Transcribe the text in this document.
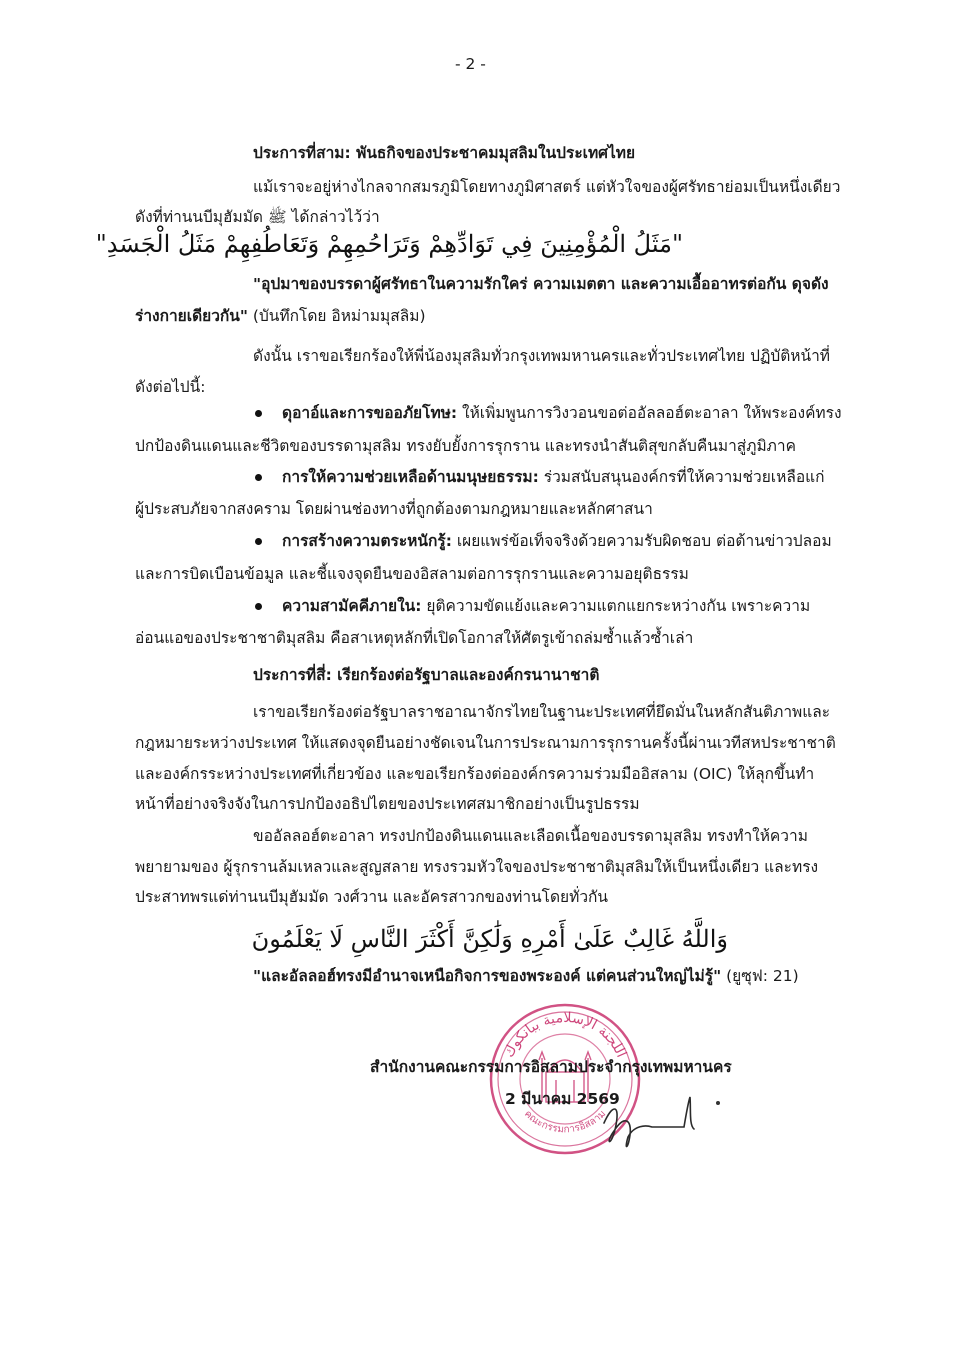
- 2 -
ประการที่สาม: พันธกิจของประชาคมมุสลิมในประเทศไทย
แม้เราจะอยู่ห่างไกลจากสมรภูมิโดยทางภูมิศาสตร์ แต่หัวใจของผู้ศรัทธาย่อมเป็นหนึ่งเดียว
ดังที่ท่านนบีมุฮัมมัด ﷺ ได้กล่าวไว้ว่า
"مَثَلُ الْمُؤْمِنِينَ فِي تَوَادِّهِمْ وَتَرَاحُمِهِمْ وَتَعَاطُفِهِمْ مَثَلُ الْجَسَدِ"
"อุปมาของบรรดาผู้ศรัทธาในความรักใคร่ ความเมตตา และความเอื้ออาทรต่อกัน ดุจดัง
ร่างกายเดียวกัน" (บันทึกโดย อิหม่ามมุสลิม)
ดังนั้น เราขอเรียกร้องให้พี่น้องมุสลิมทั่วกรุงเทพมหานครและทั่วประเทศไทย ปฏิบัติหน้าที่
ดังต่อไปนี้:
ดุอาอ์และการขออภัยโทษ: ให้เพิ่มพูนการวิงวอนขอต่ออัลลอฮ์ตะอาลา ให้พระองค์ทรง
ปกป้องดินแดนและชีวิตของบรรดามุสลิม ทรงยับยั้งการรุกราน และทรงนำสันติสุขกลับคืนมาสู่ภูมิภาค
การให้ความช่วยเหลือด้านมนุษยธรรม: ร่วมสนับสนุนองค์กรที่ให้ความช่วยเหลือแก่
ผู้ประสบภัยจากสงคราม โดยผ่านช่องทางที่ถูกต้องตามกฎหมายและหลักศาสนา
การสร้างความตระหนักรู้: เผยแพร่ข้อเท็จจริงด้วยความรับผิดชอบ ต่อต้านข่าวปลอม
และการบิดเบือนข้อมูล และชี้แจงจุดยืนของอิสลามต่อการรุกรานและความอยุติธรรม
ความสามัคคีภายใน: ยุติความขัดแย้งและความแตกแยกระหว่างกัน เพราะความ
อ่อนแอของประชาชาติมุสลิม คือสาเหตุหลักที่เปิดโอกาสให้ศัตรูเข้าถล่มซ้ำแล้วซ้ำเล่า
ประการที่สี่: เรียกร้องต่อรัฐบาลและองค์กรนานาชาติ
เราขอเรียกร้องต่อรัฐบาลราชอาณาจักรไทยในฐานะประเทศที่ยึดมั่นในหลักสันติภาพและ
กฎหมายระหว่างประเทศ ให้แสดงจุดยืนอย่างชัดเจนในการประณามการรุกรานครั้งนี้ผ่านเวทีสหประชาชาติ
และองค์กรระหว่างประเทศที่เกี่ยวข้อง และขอเรียกร้องต่อองค์กรความร่วมมืออิสลาม (OIC) ให้ลุกขึ้นทำ
หน้าที่อย่างจริงจังในการปกป้องอธิปไตยของประเทศสมาชิกอย่างเป็นรูปธรรม
ขออัลลอฮ์ตะอาลา ทรงปกป้องดินแดนและเลือดเนื้อของบรรดามุสลิม ทรงทำให้ความ
พยายามของ ผู้รุกรานล้มเหลวและสูญสลาย ทรงรวมหัวใจของประชาชาติมุสลิมให้เป็นหนึ่งเดียว และทรง
ประสาทพรแด่ท่านนบีมุฮัมมัด วงศ์วาน และอัครสาวกของท่านโดยทั่วกัน
وَاللَّهُ غَالِبٌ عَلَىٰ أَمْرِهِ وَلَٰكِنَّ أَكْثَرَ النَّاسِ لَا يَعْلَمُونَ
"และอัลลอฮ์ทรงมีอำนาจเหนือกิจการของพระองค์ แต่คนส่วนใหญ่ไม่รู้" (ยูซุฟ: 21)
اللجنة الإسلامية ببانكوك
คณะกรรมการอิสลาม
สำนักงานคณะกรรมการอิสลามประจำกรุงเทพมหานคร
2 มีนาคม 2569
